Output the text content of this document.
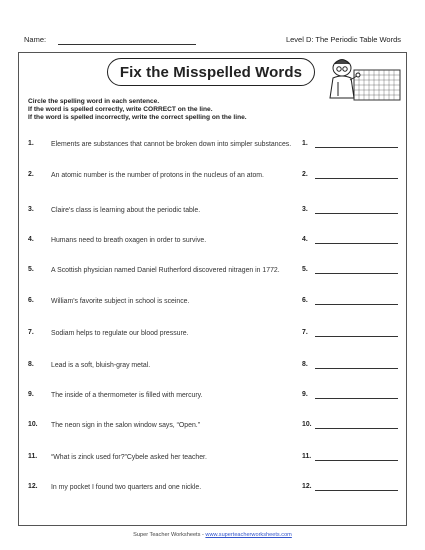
Name:	Level D: The Periodic Table Words
Fix the Misspelled Words
Circle the spelling word in each sentence.
If the word is spelled correctly, write CORRECT on the line.
If the word is spelled incorrectly, write the correct spelling on the line.
1.	Elements are substances that cannot be broken down into simpler substances.	1.
2.	An atomic number is the number of protons in the nucleus of an atom.	2.
3.	Claire's class is learning about the periodic table.	3.
4.	Humans need to breath oxagen in order to survive.	4.
5.	A Scottish physician named Daniel Rutherford discovered nitragen in 1772.	5.
6.	William's favorite subject in school is sceince.	6.
7.	Sodiam helps to regulate our blood pressure.	7.
8.	Lead is a soft, bluish-gray metal.	8.
9.	The inside of a thermometer is filled with mercury.	9.
10. The neon sign in the salon window says, “Open.”	10.
11. “What is zinck used for?”Cybele asked her teacher.	11.
12. In my pocket I found two quarters and one nickle.	12.
Super Teacher Worksheets - www.superteacherworksheets.com
